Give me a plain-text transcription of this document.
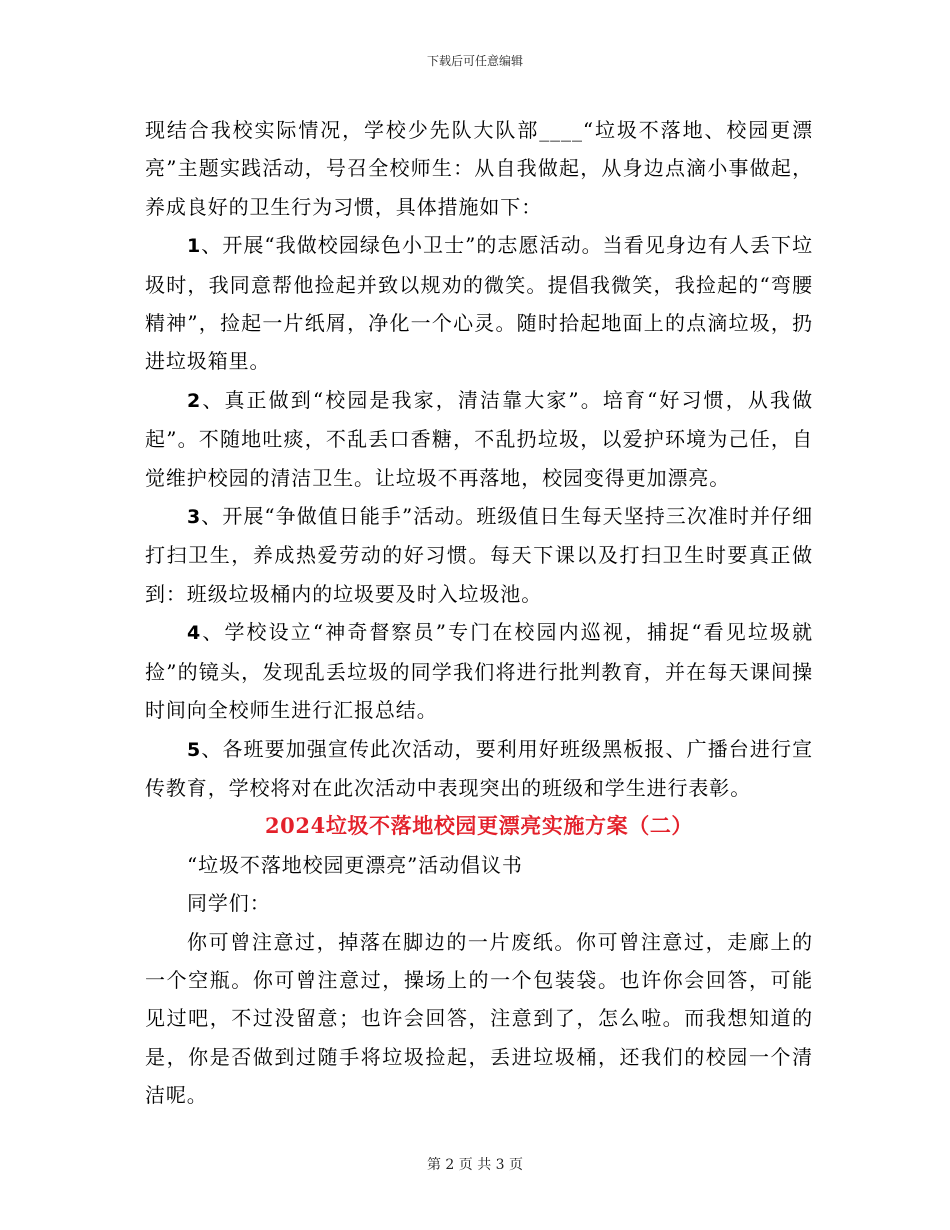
下载后可任意编辑

现结合我校实际情况，学校少先队大队部____“垃圾不落地、校园更漂亮”主题实践活动，号召全校师生：从自我做起，从身边点滴小事做起，养成良好的卫生行为习惯，具体措施如下：

1、开展“我做校园绿色小卫士”的志愿活动。当看见身边有人丢下垃圾时，我同意帮他捡起并致以规劝的微笑。提倡我微笑，我捡起的“弯腰精神”，捡起一片纸屑，净化一个心灵。随时拾起地面上的点滴垃圾，扔进垃圾箱里。

2、真正做到“校园是我家，清洁靠大家”。培育“好习惯，从我做起”。不随地吐痰，不乱丢口香糖，不乱扔垃圾，以爱护环境为己任，自觉维护校园的清洁卫生。让垃圾不再落地，校园变得更加漂亮。

3、开展“争做值日能手”活动。班级值日生每天坚持三次准时并仔细打扫卫生，养成热爱劳动的好习惯。每天下课以及打扫卫生时要真正做到：班级垃圾桶内的垃圾要及时入垃圾池。

4、学校设立“神奇督察员”专门在校园内巡视，捕捉“看见垃圾就捡”的镜头，发现乱丢垃圾的同学我们将进行批判教育，并在每天课间操时间向全校师生进行汇报总结。

5、各班要加强宣传此次活动，要利用好班级黑板报、广播台进行宣传教育，学校将对在此次活动中表现突出的班级和学生进行表彰。

2024垃圾不落地校园更漂亮实施方案（二）

“垃圾不落地校园更漂亮”活动倡议书

同学们：

你可曾注意过，掉落在脚边的一片废纸。你可曾注意过，走廊上的一个空瓶。你可曾注意过，操场上的一个包装袋。也许你会回答，可能见过吧，不过没留意；也许会回答，注意到了，怎么啦。而我想知道的是，你是否做到过随手将垃圾捡起，丢进垃圾桶，还我们的校园一个清洁呢。

第 2 页 共 3 页
